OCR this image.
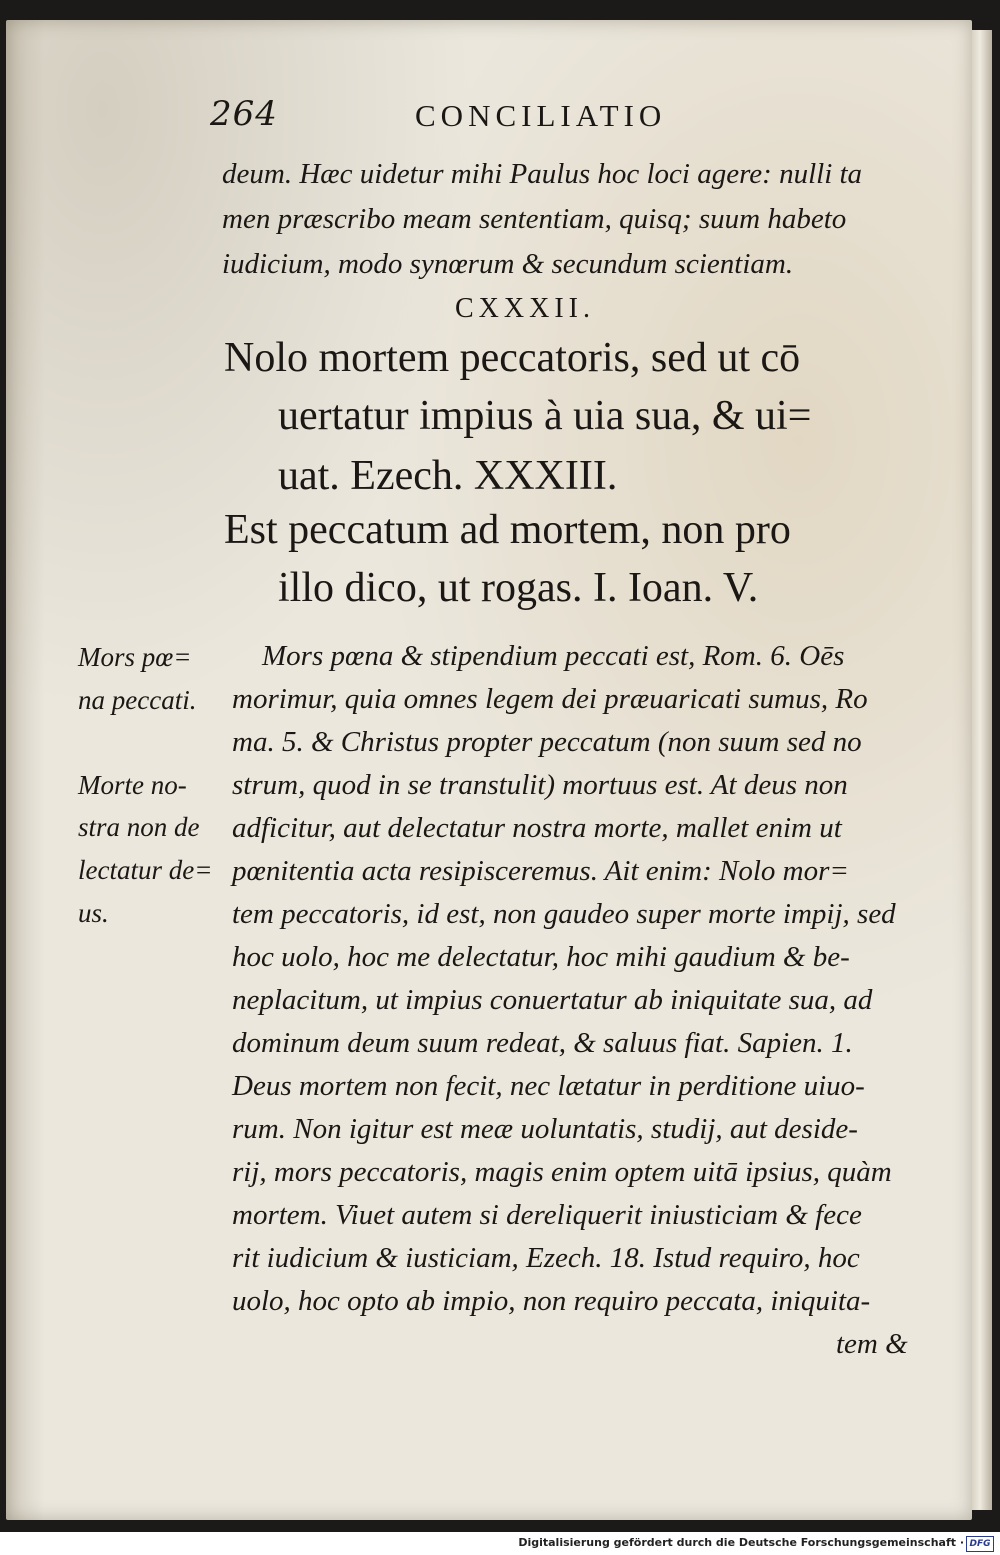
264	CONCILIATIO
deum. Hæc uidetur mihi Paulus hoc loci agere: nulli ta
men præscribo meam sententiam, quisq; suum habeto
iudicium, modo synœrum & secundum scientiam.
CXXXII.
Nolo mortem peccatoris, sed ut cō
uertatur impius à uia sua, & ui=
uat. Ezech. XXXIII.
Est peccatum ad mortem, non pro
illo dico, ut rogas. I. Ioan. V.
Mors pœ=
na peccati.
Morte no-
stra non de
lectatur de=
us.
Mors pœna & stipendium peccati est, Rom. 6. Oēs
morimur, quia omnes legem dei præuaricati sumus, Ro
ma. 5. & Christus propter peccatum (non suum sed no
strum, quod in se transtulit) mortuus est. At deus non
adficitur, aut delectatur nostra morte, mallet enim ut
pœnitentia acta resipisceremus. Ait enim: Nolo mor=
tem peccatoris, id est, non gaudeo super morte impij, sed
hoc uolo, hoc me delectatur, hoc mihi gaudium & be-
neplacitum, ut impius conuertatur ab iniquitate sua, ad
dominum deum suum redeat, & saluus fiat. Sapien. 1.
Deus mortem non fecit, nec lætatur in perditione uiuo-
rum. Non igitur est meæ uoluntatis, studij, aut deside-
rij, mors peccatoris, magis enim optem uitā ipsius, quàm
mortem. Viuet autem si dereliquerit iniusticiam & fece
rit iudicium & iusticiam, Ezech. 18. Istud requiro, hoc
uolo, hoc opto ab impio, non requiro peccata, iniquita-
tem &
Digitalisierung gefördert durch die Deutsche Forschungsgemeinschaft · DFG
